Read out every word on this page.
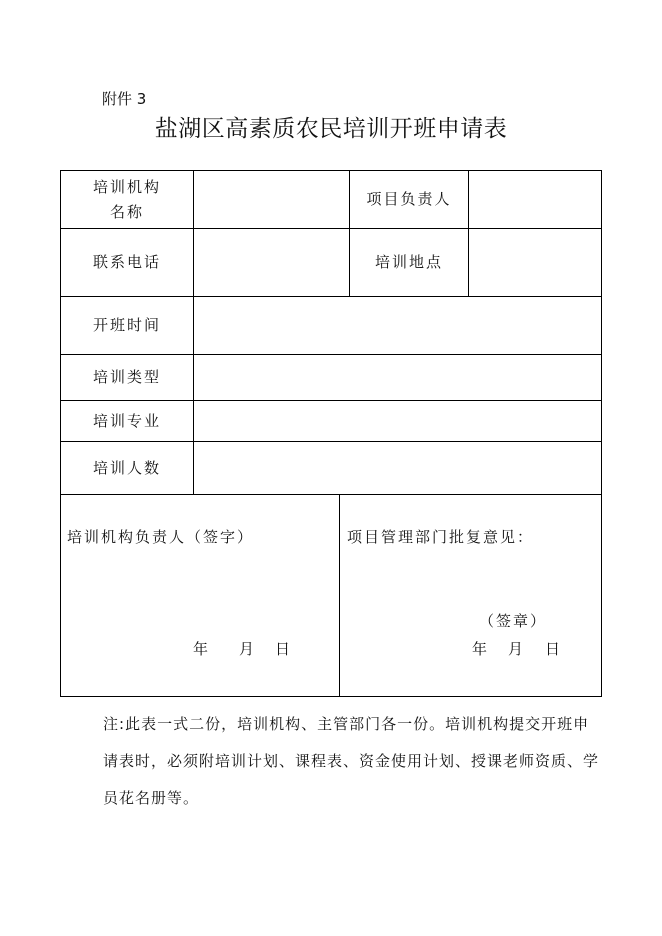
附件 3
盐湖区高素质农民培训开班申请表
培训机构
名称
项目负责人
联系电话	培训地点
开班时间
培训类型
培训专业
培训人数
培训机构负责人（签字）
年 月 日
项目管理部门批复意见：
（签章）
年 月 日
注:此表一式二份，培训机构、主管部门各一份。培训机构提交开班申请表时，必须附培训计划、课程表、资金使用计划、授课老师资质、学员花名册等。
